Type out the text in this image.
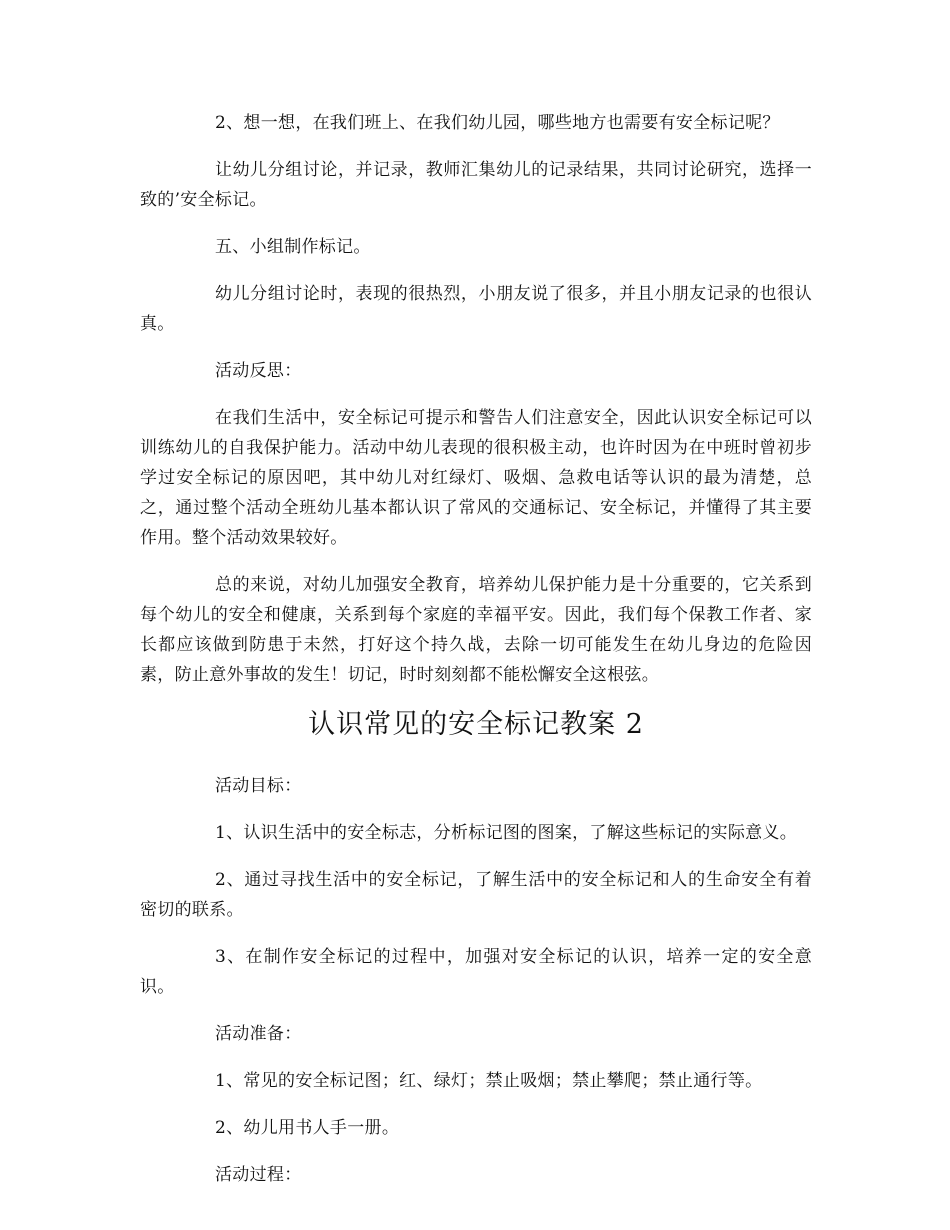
2、想一想，在我们班上、在我们幼儿园，哪些地方也需要有安全标记呢？

让幼儿分组讨论，并记录，教师汇集幼儿的记录结果，共同讨论研究，选择一致的’安全标记。

五、小组制作标记。

幼儿分组讨论时，表现的很热烈，小朋友说了很多，并且小朋友记录的也很认真。

活动反思：

在我们生活中，安全标记可提示和警告人们注意安全，因此认识安全标记可以训练幼儿的自我保护能力。活动中幼儿表现的很积极主动，也许时因为在中班时曾初步学过安全标记的原因吧，其中幼儿对红绿灯、吸烟、急救电话等认识的最为清楚，总之，通过整个活动全班幼儿基本都认识了常风的交通标记、安全标记，并懂得了其主要作用。整个活动效果较好。

总的来说，对幼儿加强安全教育，培养幼儿保护能力是十分重要的，它关系到每个幼儿的安全和健康，关系到每个家庭的幸福平安。因此，我们每个保教工作者、家长都应该做到防患于未然，打好这个持久战，去除一切可能发生在幼儿身边的危险因素，防止意外事故的发生！切记，时时刻刻都不能松懈安全这根弦。

认识常见的安全标记教案 2

活动目标：

1、认识生活中的安全标志，分析标记图的图案，了解这些标记的实际意义。

2、通过寻找生活中的安全标记，了解生活中的安全标记和人的生命安全有着密切的联系。

3、在制作安全标记的过程中，加强对安全标记的认识，培养一定的安全意识。

活动准备：

1、常见的安全标记图；红、绿灯；禁止吸烟；禁止攀爬；禁止通行等。

2、幼儿用书人手一册。

活动过程：
